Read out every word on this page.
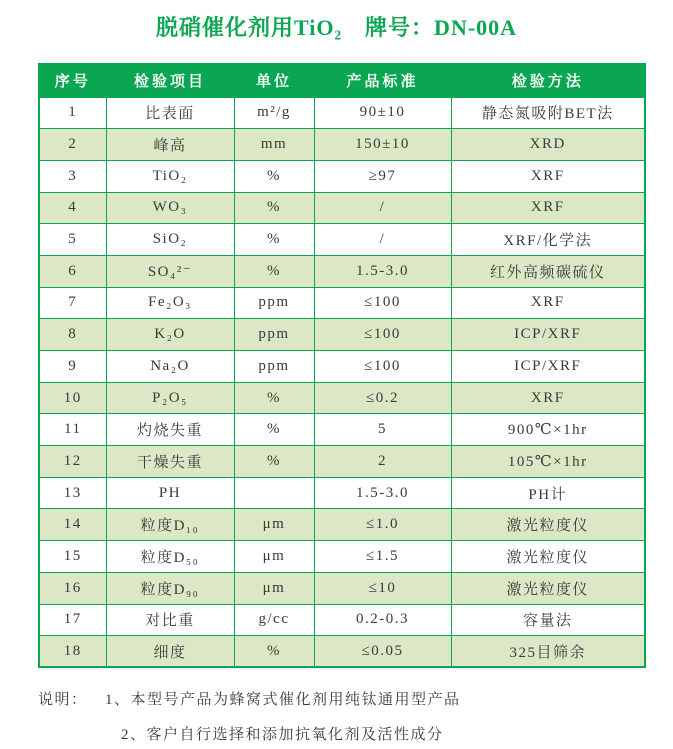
脱硝催化剂用TiO₂　牌号：DN-00A
序号	检验项目	单位	产品标准	检验方法
1	比表面	m²/g	90±10	静态氮吸附BET法
2	峰高	mm	150±10	XRD
3	TiO₂	%	≥97	XRF
4	WO₃	%	/	XRF
5	SiO₂	%	/	XRF/化学法
6	SO₄²⁻	%	1.5-3.0	红外高频碳硫仪
7	Fe₂O₃	ppm	≤100	XRF
8	K₂O	ppm	≤100	ICP/XRF
9	Na₂O	ppm	≤100	ICP/XRF
10	P₂O₅	%	≤0.2	XRF
11	灼烧失重	%	5	900℃×1hr
12	干燥失重	%	2	105℃×1hr
13	PH		1.5-3.0	PH计
14	粒度D₁₀	μm	≤1.0	激光粒度仪
15	粒度D₅₀	μm	≤1.5	激光粒度仪
16	粒度D₉₀	μm	≤10	激光粒度仪
17	对比重	g/cc	0.2-0.3	容量法
18	细度	%	≤0.05	325目筛余
说明： 1、本型号产品为蜂窝式催化剂用纯钛通用型产品
2、客户自行选择和添加抗氧化剂及活性成分
